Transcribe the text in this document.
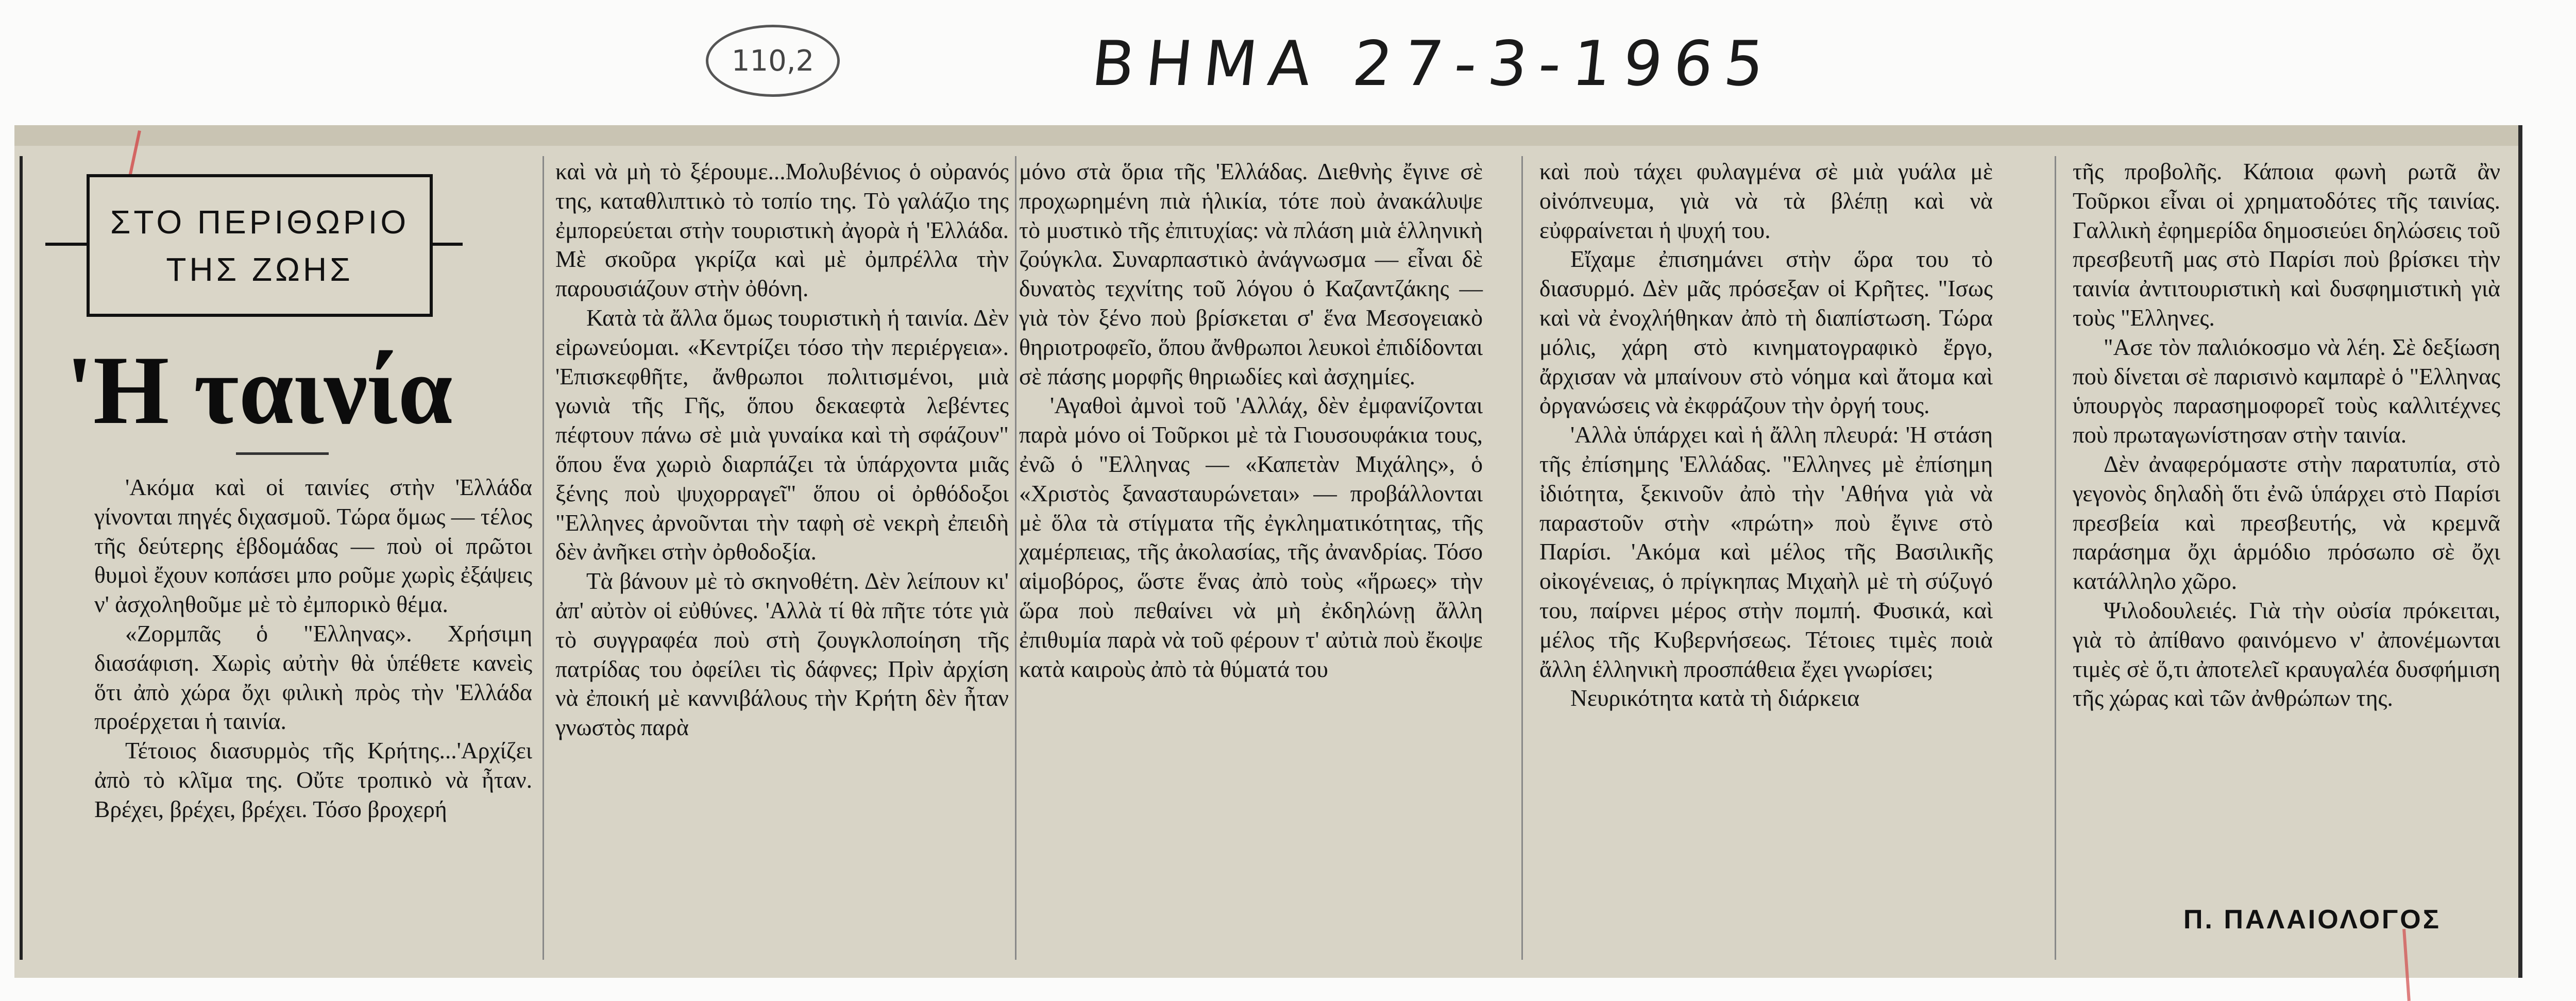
110,2	ΒΗΜΑ 27-3-1965
ΣΤΟ ΠΕΡΙΘΩΡΙΟ
ΤΗΣ ΖΩΗΣ
'Η ταινία

'Ακόμα καὶ οἱ ταινίες στὴν 'Ελλάδα γίνονται πηγές διχασμοῦ. Τώρα ὅμως — τέλος τῆς δεύτερης ἑβδομάδας — ποὺ οἱ πρῶτοι θυμοὶ ἔχουν κοπάσει μπο ροῦμε χωρὶς ἐξάψεις ν' ἀσχοληθοῦμε μὲ τὸ ἐμπορικὸ θέμα.

«Ζορμπᾶς ὁ "Ελληνας». Χρήσιμη διασάφιση. Χωρὶς αὐτὴν θὰ ὑπέθετε κανεὶς ὅτι ἀπὸ χώρα ὄχι φιλικὴ πρὸς τὴν 'Ελλάδα προέρχεται ἡ ταινία.

Τέτοιος διασυρμὸς τῆς Κρήτης...'Αρχίζει ἀπὸ τὸ κλῖμα της. Οὔτε τροπικὸ νὰ ἦταν. Βρέχει, βρέχει, βρέχει. Τόσο βροχερή

καὶ νὰ μὴ τὸ ξέρουμε...Μολυβένιος ὁ οὐρανός της, καταθλιπτικὸ τὸ τοπίο της. Τὸ γαλάζιο της ἐμπορεύεται στὴν τουριστικὴ ἀγορὰ ἡ 'Ελλάδα. Μὲ σκοῦρα γκρίζα καὶ μὲ ὀμπρέλλα τὴν παρουσιάζουν στὴν ὀθόνη.

Κατὰ τὰ ἄλλα ὅμως τουριστικὴ ἡ ταινία. Δὲν εἰρωνεύομαι. «Κεντρίζει τόσο τὴν περιέργεια». 'Επισκεφθῆτε, ἄνθρωποι πολιτισμένοι, μιὰ γωνιὰ τῆς Γῆς, ὅπου δεκαεφτὰ λεβέντες πέφτουν πάνω σὲ μιὰ γυναίκα καὶ τὴ σφάζουν" ὅπου ἕνα χωριὸ διαρπάζει τὰ ὑπάρχοντα μιᾶς ξένης ποὺ ψυχορραγεῖ" ὅπου οἱ ὀρθόδοξοι "Ελληνες ἀρνοῦνται τὴν ταφὴ σὲ νεκρὴ ἐπειδὴ δὲν ἀνῆκει στὴν ὀρθοδοξία.

Τὰ βάνουν μὲ τὸ σκηνοθέτη. Δὲν λείπουν κι' ἀπ' αὐτὸν οἱ εὐθύνες. 'Αλλὰ τί θὰ πῆτε τότε γιὰ τὸ συγγραφέα ποὺ στὴ ζουγκλοποίηση τῆς πατρίδας του ὀφείλει τὶς δάφνες; Πρὶν ἀρχίση νὰ ἐποική μὲ καννιβάλους τὴν Κρήτη δὲν ἦταν γνωστὸς παρὰ

μόνο στὰ ὅρια τῆς 'Ελλάδας. Διεθνὴς ἔγινε σὲ προχωρημένη πιὰ ἡλικία, τότε ποὺ ἀνακάλυψε τὸ μυστικὸ τῆς ἐπιτυχίας: νὰ πλάση μιὰ ἑλληνικὴ ζούγκλα. Συναρπαστικὸ ἀνάγνωσμα — εἶναι δὲ δυνατὸς τεχνίτης τοῦ λόγου ὁ Καζαντζάκης — γιὰ τὸν ξένο ποὺ βρίσκεται σ' ἕνα Μεσογειακὸ θηριοτροφεῖο, ὅπου ἄνθρωποι λευκοὶ ἐπιδίδονται σὲ πάσης μορφῆς θηριωδίες καὶ ἀσχημίες.

'Αγαθοὶ ἀμνοὶ τοῦ 'Αλλάχ, δὲν ἐμφανίζονται παρὰ μόνο οἱ Τοῦρκοι μὲ τὰ Γιουσουφάκια τους, ἐνῶ ὁ "Ελληνας — «Καπετὰν Μιχάλης», ὁ «Χριστὸς ξανασταυρώνεται» — προβάλλονται μὲ ὅλα τὰ στίγματα τῆς ἐγκληματικότητας, τῆς χαμέρπειας, τῆς ἀκολασίας, τῆς ἀνανδρίας. Τόσο αἱμοβόρος, ὥστε ἕνας ἀπὸ τοὺς «ἥρωες» τὴν ὥρα ποὺ πεθαίνει νὰ μὴ ἐκδηλώνῃ ἄλλη ἐπιθυμία παρὰ νὰ τοῦ φέρουν τ' αὐτιὰ ποὺ ἔκοψε κατὰ καιροὺς ἀπὸ τὰ θύματά του

καὶ ποὺ τάχει φυλαγμένα σὲ μιὰ γυάλα μὲ οἰνόπνευμα, γιὰ νὰ τὰ βλέπῃ καὶ νὰ εὐφραίνεται ἡ ψυχή του.

Εἴχαμε ἐπισημάνει στὴν ὥρα του τὸ διασυρμό. Δὲν μᾶς πρόσεξαν οἱ Κρῆτες. "Ισως καὶ νὰ ἐνοχλήθηκαν ἀπὸ τὴ διαπίστωση. Τώρα μόλις, χάρη στὸ κινηματογραφικὸ ἔργο, ἄρχισαν νὰ μπαίνουν στὸ νόημα καὶ ἄτομα καὶ ὀργανώσεις νὰ ἐκφράζουν τὴν ὀργή τους.

'Αλλὰ ὑπάρχει καὶ ἡ ἄλλη πλευρά: 'Η στάση τῆς ἐπίσημης 'Ελλάδας. "Ελληνες μὲ ἐπίσημη ἰδιότητα, ξεκινοῦν ἀπὸ τὴν 'Αθήνα γιὰ νὰ παραστοῦν στὴν «πρώτη» ποὺ ἔγινε στὸ Παρίσι. 'Ακόμα καὶ μέλος τῆς Βασιλικῆς οἰκογένειας, ὁ πρίγκηπας Μιχαὴλ μὲ τὴ σύζυγό του, παίρνει μέρος στὴν πομπή. Φυσικά, καὶ μέλος τῆς Κυβερνήσεως. Τέτοιες τιμὲς ποιὰ ἄλλη ἑλληνικὴ προσπάθεια ἔχει γνωρίσει;

Νευρικότητα κατὰ τὴ διάρκεια

τῆς προβολῆς. Κάποια φωνὴ ρωτᾶ ἂν Τοῦρκοι εἶναι οἱ χρηματοδότες τῆς ταινίας. Γαλλικὴ ἐφημερίδα δημοσιεύει δηλώσεις τοῦ πρεσβευτῆ μας στὸ Παρίσι ποὺ βρίσκει τὴν ταινία ἀντιτουριστικὴ καὶ δυσφημιστικὴ γιὰ τοὺς "Ελληνες.

"Ασε τὸν παλιόκοσμο νὰ λέη. Σὲ δεξίωση ποὺ δίνεται σὲ παρισινὸ καμπαρὲ ὁ "Ελληνας ὑπουργὸς παρασημοφορεῖ τοὺς καλλιτέχνες ποὺ πρωταγωνίστησαν στὴν ταινία.

Δὲν ἀναφερόμαστε στὴν παρατυπία, στὸ γεγονὸς δηλαδὴ ὅτι ἐνῶ ὑπάρχει στὸ Παρίσι πρεσβεία καὶ πρεσβευτής, νὰ κρεμνᾶ παράσημα ὄχι ἁρμόδιο πρόσωπο σὲ ὄχι κατάλληλο χῶρο.

Ψιλοδουλειές. Γιὰ τὴν οὐσία πρόκειται, γιὰ τὸ ἀπίθανο φαινόμενο ν' ἀπονέμωνται τιμὲς σὲ ὅ,τι ἀποτελεῖ κραυγαλέα δυσφήμιση τῆς χώρας καὶ τῶν ἀνθρώπων της.

Π. ΠΑΛΑΙΟΛΟΓΟΣ
